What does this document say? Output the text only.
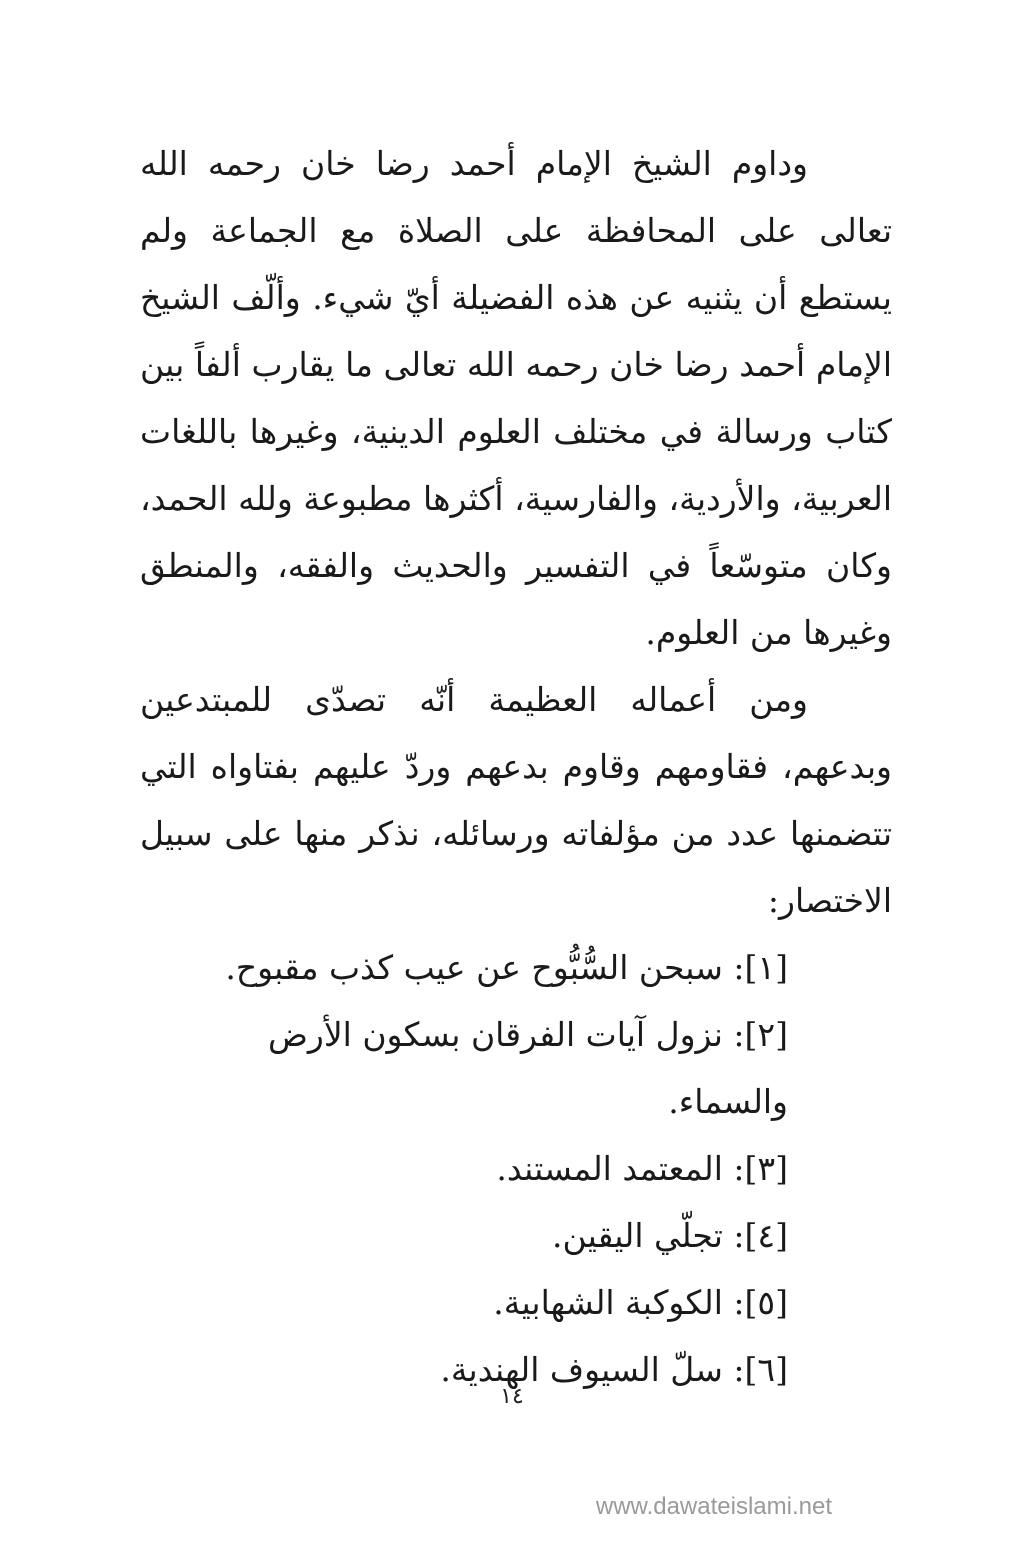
وداوم الشيخ الإمام أحمد رضا خان رحمه الله تعالى على المحافظة على الصلاة مع الجماعة ولم يستطع أن يثنيه عن هذه الفضيلة أيّ شيء. وألّف الشيخ الإمام أحمد رضا خان رحمه الله تعالى ما يقارب ألفاً بين كتاب ورسالة في مختلف العلوم الدينية، وغيرها باللغات العربية، والأردية، والفارسية، أكثرها مطبوعة ولله الحمد، وكان متوسّعاً في التفسير والحديث والفقه، والمنطق وغيرها من العلوم.

ومن أعماله العظيمة أنّه تصدّى للمبتدعين وبدعهم، فقاومهم وقاوم بدعهم وردّ عليهم بفتاواه التي تتضمنها عدد من مؤلفاته ورسائله، نذكر منها على سبيل الاختصار:

[١]: سبحن السُّبُّوح عن عيب كذب مقبوح.
[٢]: نزول آيات الفرقان بسكون الأرض والسماء.
[٣]: المعتمد المستند.
[٤]: تجلّي اليقين.
[٥]: الكوكبة الشهابية.
[٦]: سلّ السيوف الهندية.
١٤
www.dawateislami.net
